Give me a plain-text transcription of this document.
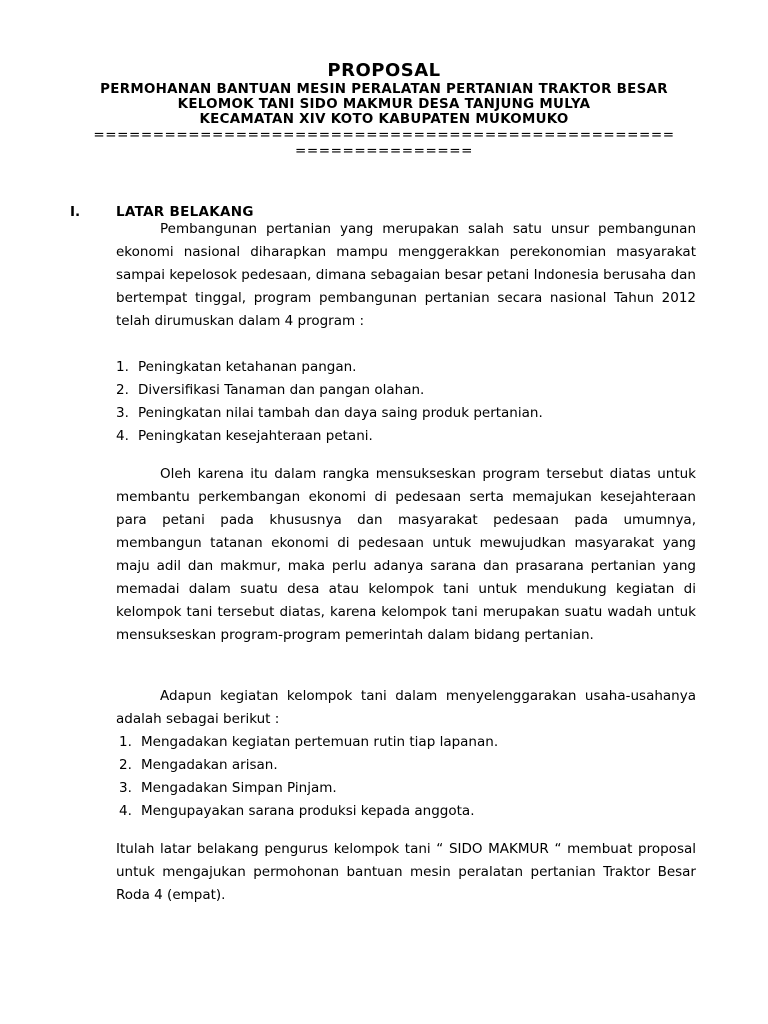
PROPOSAL
PERMOHANAN BANTUAN MESIN PERALATAN PERTANIAN TRAKTOR BESAR
KELOMOK TANI SIDO MAKMUR DESA TANJUNG MULYA
KECAMATAN XIV KOTO KABUPATEN MUKOMUKO
=================================================
===============
I.	LATAR BELAKANG

Pembangunan pertanian yang merupakan salah satu unsur pembangunan ekonomi nasional diharapkan mampu menggerakkan perekonomian masyarakat sampai kepelosok pedesaan, dimana sebagaian besar petani Indonesia berusaha dan bertempat tinggal, program pembangunan pertanian secara nasional Tahun 2012 telah dirumuskan dalam 4 program :

1. Peningkatan ketahanan pangan.
2. Diversifikasi Tanaman dan pangan olahan.
3. Peningkatan nilai tambah dan daya saing produk pertanian.
4. Peningkatan kesejahteraan petani.

Oleh karena itu dalam rangka mensukseskan program tersebut diatas untuk membantu perkembangan ekonomi di pedesaan serta memajukan kesejahteraan para petani pada khususnya dan masyarakat pedesaan pada umumnya, membangun tatanan ekonomi di pedesaan untuk mewujudkan masyarakat yang maju adil dan makmur, maka perlu adanya sarana dan prasarana pertanian yang memadai dalam suatu desa atau kelompok tani untuk mendukung kegiatan di kelompok tani tersebut diatas, karena kelompok tani merupakan suatu wadah untuk mensukseskan program-program pemerintah dalam bidang pertanian.

Adapun kegiatan kelompok tani dalam menyelenggarakan usaha-usahanya adalah sebagai berikut :

1. Mengadakan kegiatan pertemuan rutin tiap lapanan.
2. Mengadakan arisan.
3. Mengadakan Simpan Pinjam.
4. Mengupayakan sarana produksi kepada anggota.

Itulah latar belakang pengurus kelompok tani “ SIDO MAKMUR “ membuat proposal untuk mengajukan permohonan bantuan mesin peralatan pertanian Traktor Besar Roda 4 (empat).
